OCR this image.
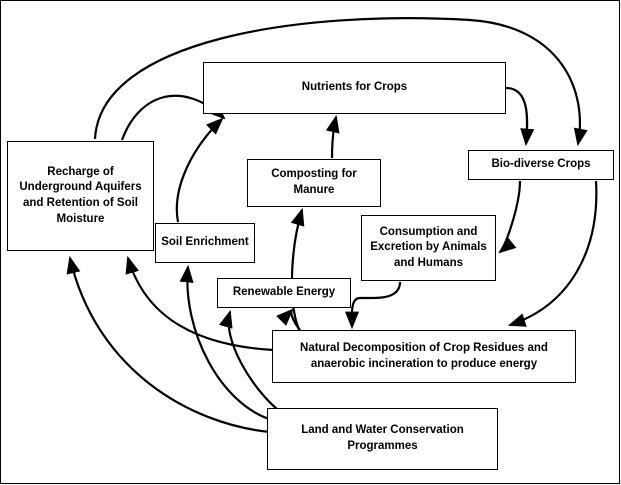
Nutrients for Crops
Bio-diverse Crops
Recharge of Underground Aquifers and Retention of Soil Moisture
Composting for Manure
Soil Enrichment
Consumption and Excretion by Animals and Humans
Renewable Energy
Natural Decomposition of Crop Residues and anaerobic incineration to produce energy
Land and Water Conservation Programmes
